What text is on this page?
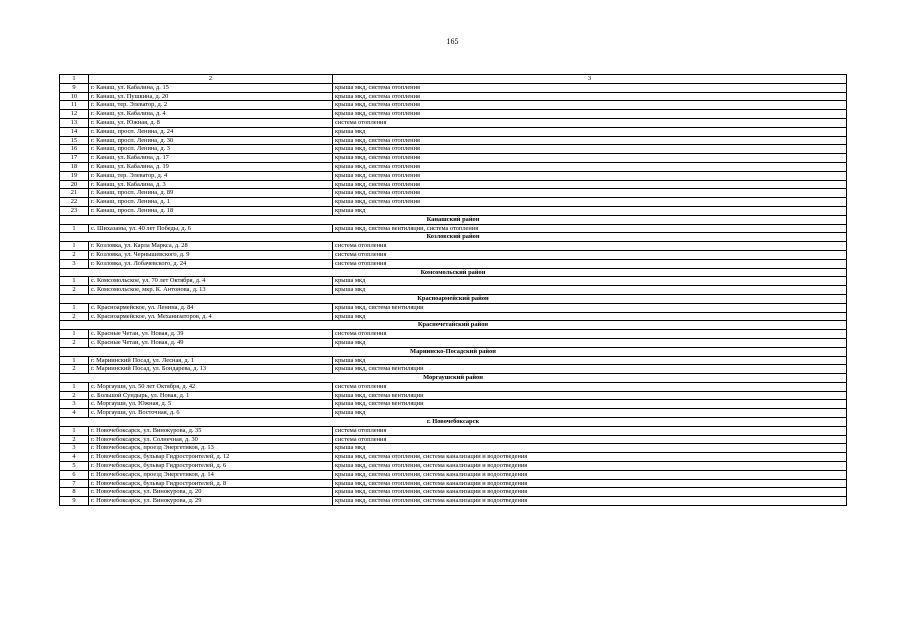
165
1	2	3
9	г. Канаш, ул. Кабалина, д. 15	крыша мкд, система отопления
10	г. Канаш, ул. Пушкина, д. 20	крыша мкд, система отопления
11	г. Канаш, тер. Элеватор, д. 2	крыша мкд, система отопления
12	г. Канаш, ул. Кабалина, д. 4	крыша мкд, система отопления
13	г. Канаш, ул. Южная, д. 8	система отопления
14	г. Канаш, просп. Ленина, д. 24	крыша мкд
15	г. Канаш, просп. Ленина, д. 30	крыша мкд, система отопления
16	г. Канаш, просп. Ленина, д. 3	крыша мкд, система отопления
17	г. Канаш, ул. Кабалина, д. 17	крыша мкд, система отопления
18	г. Канаш, ул. Кабалина, д. 19	крыша мкд, система отопления
19	г. Канаш, тер. Элеватор, д. 4	крыша мкд, система отопления
20	г. Канаш, ул. Кабалина, д. 3	крыша мкд, система отопления
21	г. Канаш, просп. Ленина, д. 89	крыша мкд, система отопления
22	г. Канаш, просп. Ленина, д. 1	крыша мкд, система отопления
23	г. Канаш, просп. Ленина, д. 18	крыша мкд
Канашский район		
1	с. Шихазаны, ул. 40 лет Победы, д. 6	крыша мкд, система вентиляции, система отопления
Козловский район		
1	г. Козловка, ул. Карла Маркса, д. 28	система отопления
2	г. Козловка, ул. Чернышевского, д. 9	система отопления
3	г. Козловка, ул. Лобачевского, д. 24	система отопления
Комсомольский район		
1	с. Комсомольское, ул. 70 лет Октября, д. 4	крыша мкд
2	с. Комсомольское, мкр. К. Антонова, д. 13	крыша мкд
Красноармейский район		
1	с. Красноармейское, ул. Ленина, д. 84	крыша мкд, система вентиляции
2	с. Красноармейское, ул. Механизаторов, д. 4	крыша мкд
Красночетайский район		
1	с. Красные Четаи, ул. Новая, д. 39	система отопления
2	с. Красные Четаи, ул. Новая, д. 49	крыша мкд
Мариинско-Посадский район		
1	г. Мариинский Посад, ул. Лесная, д. 1	крыша мкд
2	г. Мариинский Посад, ул. Бондарева, д. 13	крыша мкд, система вентиляции
Моргаушский район		
1	с. Моргауши, ул. 50 лет Октября, д. 42	система отопления
2	с. Большой Сундырь, ул. Новая, д. 1	крыша мкд, система вентиляции
3	с. Моргауши, ул. Южная, д. 5	крыша мкд, система вентиляции
4	с. Моргауши, ул. Восточная, д. 6	крыша мкд
г. Новочебоксарск		
1	г. Новочебоксарск, ул. Винокурова, д. 35	система отопления
2	г. Новочебоксарск, ул. Солнечная, д. 30	система отопления
3	г. Новочебоксарск, проезд Энергетиков, д. 13	крыша мкд
4	г. Новочебоксарск, бульвар Гидростроителей, д. 12	крыша мкд, система отопления, система канализации и водоотведения
5	г. Новочебоксарск, бульвар Гидростроителей, д. 6	крыша мкд, система отопления, система канализации и водоотведения
6	г. Новочебоксарск, проезд Энергетиков, д. 14	крыша мкд, система отопления, система канализации и водоотведения
7	г. Новочебоксарск, бульвар Гидростроителей, д. 8	крыша мкд, система отопления, система канализации и водоотведения
8	г. Новочебоксарск, ул. Винокурова, д. 20	крыша мкд, система отопления, система канализации и водоотведения
9	г. Новочебоксарск, ул. Винокурова, д. 29	крыша мкд, система отопления, система канализации и водоотведения
